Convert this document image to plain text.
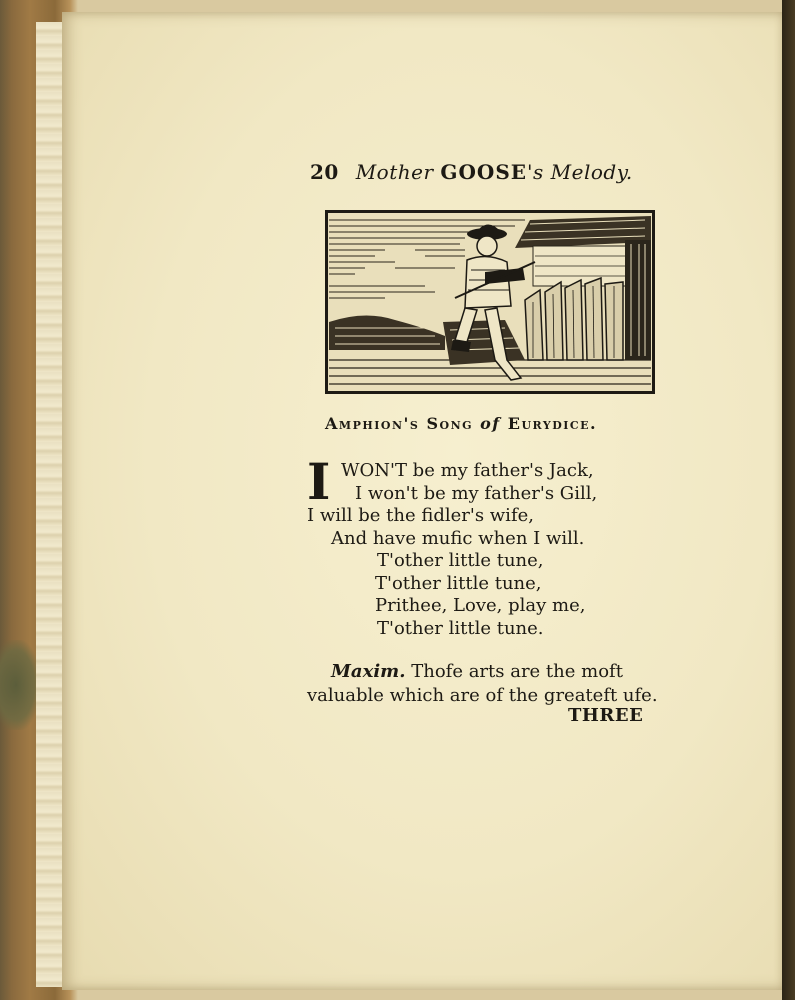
20 Mother GOOSE's Melody.
Amphion's Song of Eurydice.
I WON'T be my father's Jack,
I won't be my father's Gill,
I will be the fidler's wife,
And have mufic when I will.
T'other little tune,
T'other little tune,
Prithee, Love, play me,
T'other little tune.
Maxim. Thofe arts are the moft
valuable which are of the greateft ufe.
THREE
